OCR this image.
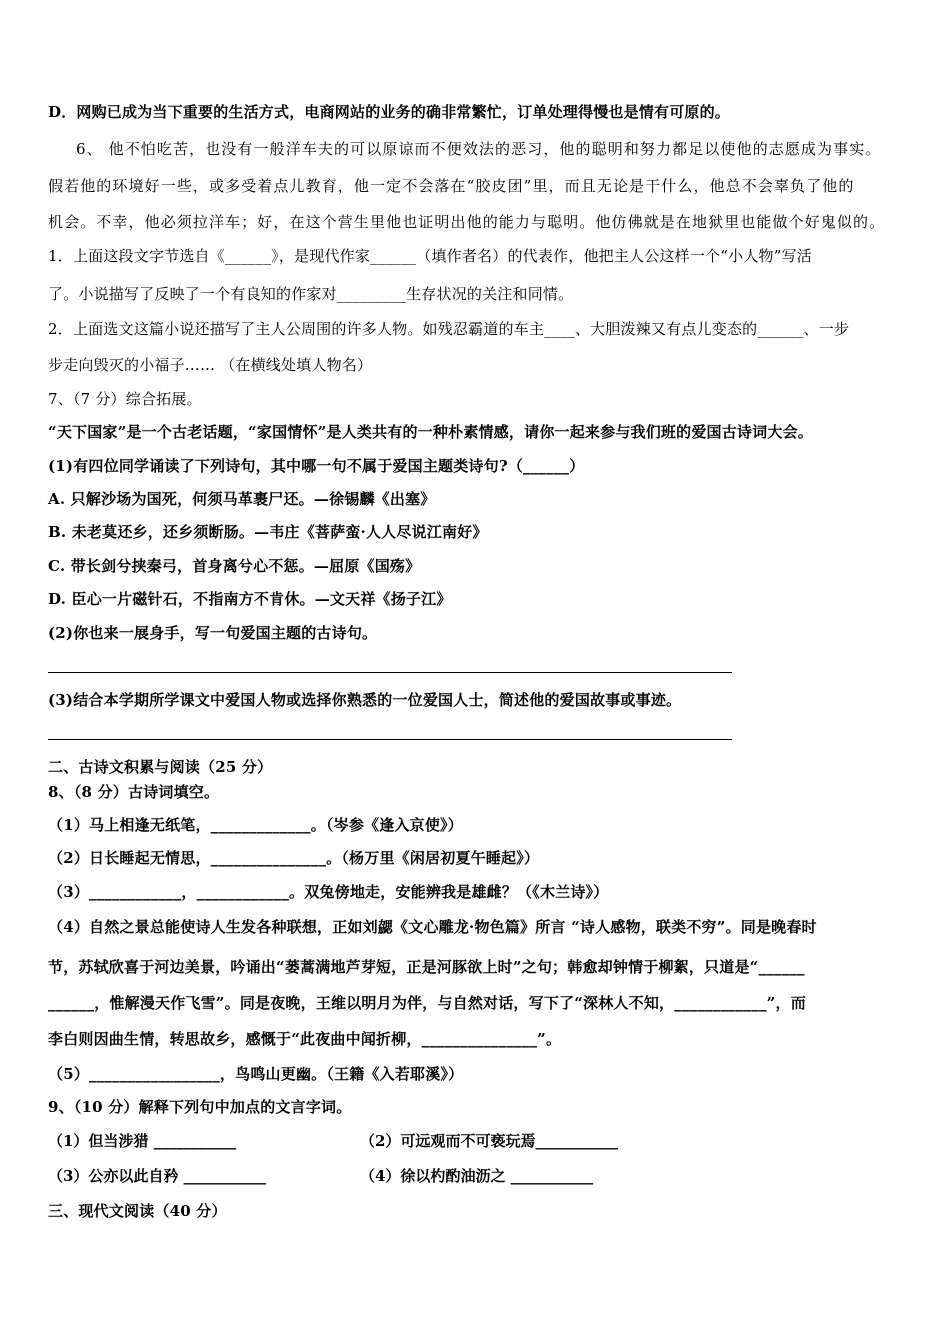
D．网购已成为当下重要的生活方式，电商网站的业务的确非常繁忙，订单处理得慢也是情有可原的。
6、 他不怕吃苦，也没有一般洋车夫的可以原谅而不便效法的恶习，他的聪明和努力都足以使他的志愿成为事实。
假若他的环境好一些，或多受着点儿教育，他一定不会落在“胶皮团”里，而且无论是干什么，他总不会辜负了他的
机会。不幸，他必须拉洋车；好，在这个营生里他也证明出他的能力与聪明。他仿佛就是在地狱里也能做个好鬼似的。
1．上面这段文字节选自《______》，是现代作家______（填作者名）的代表作，他把主人公这样一个“小人物”写活
了。小说描写了反映了一个有良知的作家对_________生存状况的关注和同情。
2．上面选文这篇小说还描写了主人公周围的许多人物。如残忍霸道的车主____、大胆泼辣又有点儿变态的______、一步
步走向毁灭的小福子…… （在横线处填人物名）
7、（7 分）综合拓展。
“天下国家”是一个古老话题，“家国情怀”是人类共有的一种朴素情感，请你一起来参与我们班的爱国古诗词大会。
(1)有四位同学诵读了下列诗句，其中哪一句不属于爱国主题类诗句?（______）
A. 只解沙场为国死，何须马革裹尸还。—徐锡麟《出塞》
B. 未老莫还乡，还乡须断肠。—韦庄《菩萨蛮·人人尽说江南好》
C. 带长剑兮挟秦弓，首身离兮心不惩。—屈原《国殇》
D. 臣心一片磁针石，不指南方不肯休。—文天祥《扬子江》
(2)你也来一展身手，写一句爱国主题的古诗句。
(3)结合本学期所学课文中爱国人物或选择你熟悉的一位爱国人士，简述他的爱国故事或事迹。
二、古诗文积累与阅读（25 分）
8、（8 分）古诗词填空。
（1）马上相逢无纸笔，_____________。（岑参《逢入京使》）
（2）日长睡起无情思，_______________。（杨万里《闲居初夏午睡起》）
（3）____________，____________。双兔傍地走，安能辨我是雄雌？（《木兰诗》）
（4）自然之景总能使诗人生发各种联想，正如刘勰《文心雕龙·物色篇》所言 “诗人感物，联类不穷”。同是晚春时
节，苏轼欣喜于河边美景，吟诵出“蒌蒿满地芦芽短，正是河豚欲上时”之句；韩愈却钟情于柳絮，只道是“______
______，惟解漫天作飞雪”。同是夜晚，王维以明月为伴，与自然对话，写下了“深林人不知，____________”，而
李白则因曲生情，转思故乡，感慨于“此夜曲中闻折柳，_______________”。
（5）_________________，鸟鸣山更幽。（王籍《入若耶溪》）
9、（10 分）解释下列句中加点的文言字词。
（1）但当涉猎 ___________	（2）可远观而不可亵玩焉___________
（3）公亦以此自矜 ___________	（4）徐以杓酌油沥之 ___________
三、现代文阅读（40 分）
